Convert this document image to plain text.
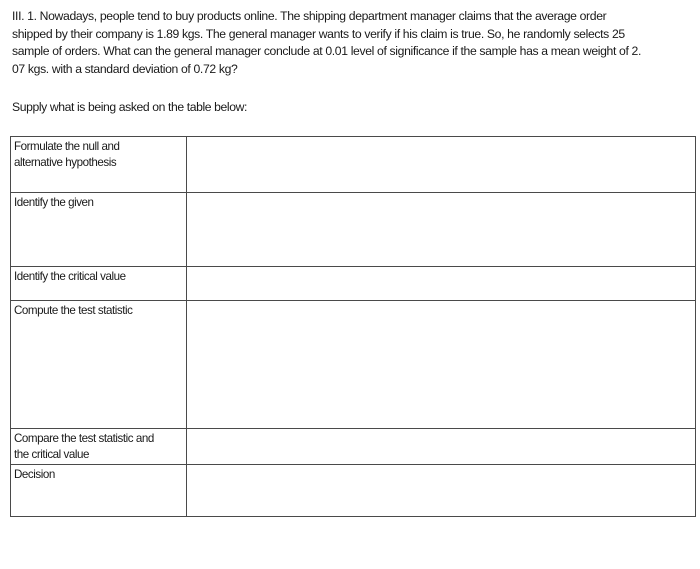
III. 1. Nowadays, people tend to buy products online. The shipping department manager claims that the average order
shipped by their company is 1.89 kgs. The general manager wants to verify if his claim is true. So, he randomly selects 25
sample of orders. What can the general manager conclude at 0.01 level of significance if the sample has a mean weight of 2.
07 kgs. with a standard deviation of 0.72 kg?
Supply what is being asked on the table below:
Formulate the null and
alternative hypothesis	
Identify the given	
Identify the critical value	
Compute the test statistic	
Compare the test statistic and
the critical value	
Decision	
